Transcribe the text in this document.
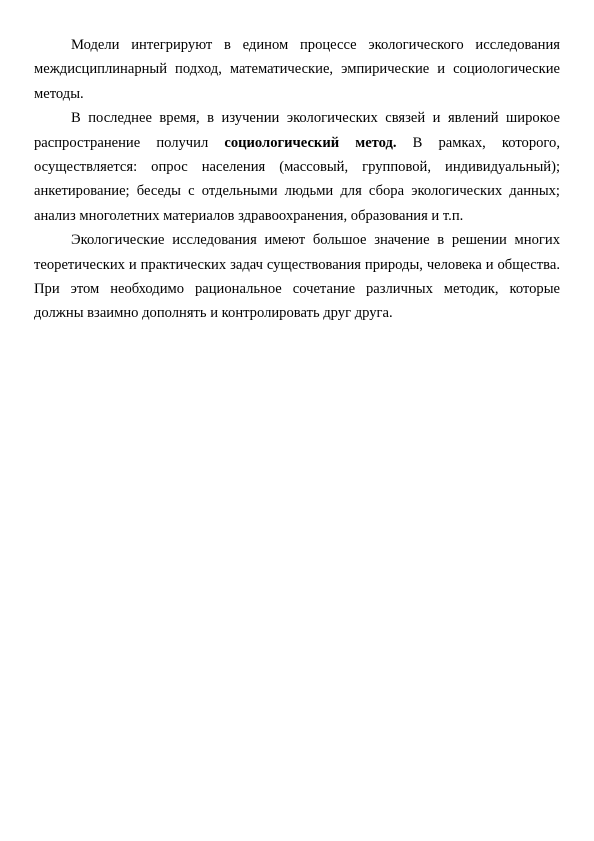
Модели интегрируют в едином процессе экологического исследования междисциплинарный подход, математические, эмпирические и социологические методы.

В последнее время, в изучении экологических связей и явлений широкое распространение получил социологический метод. В рамках, которого, осуществляется: опрос населения (массовый, групповой, индивидуальный); анкетирование; беседы с отдельными людьми для сбора экологических данных; анализ многолетних материалов здравоохранения, образования и т.п.

Экологические исследования имеют большое значение в решении многих теоретических и практических задач существования природы, человека и общества. При этом необходимо рациональное сочетание различных методик, которые должны взаимно дополнять и контролировать друг друга.
